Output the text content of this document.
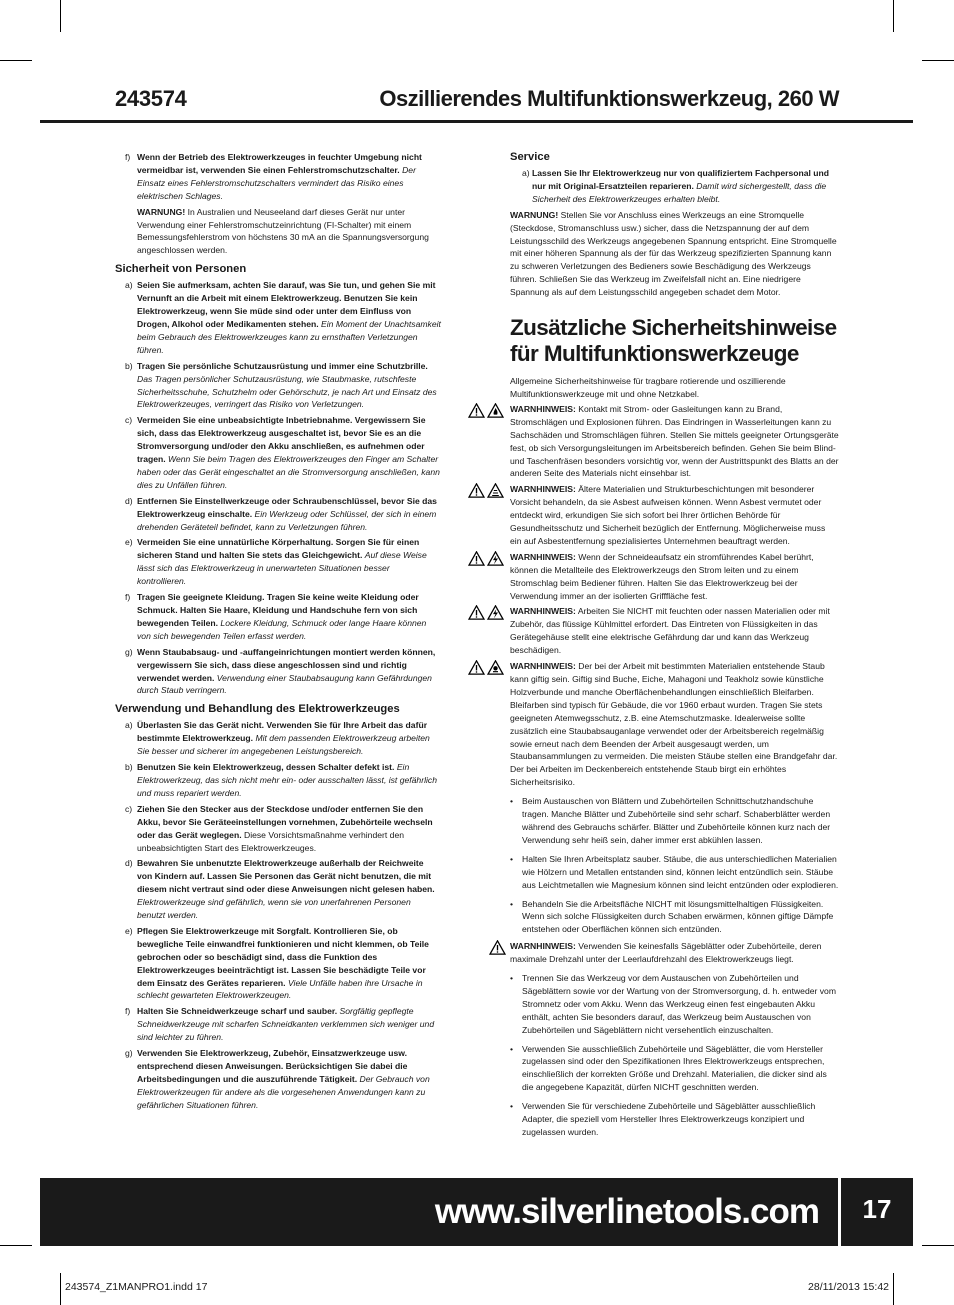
243574	Oszillierendes Multifunktionswerkzeug, 260 W
f) Wenn der Betrieb des Elektrowerkzeuges in feuchter Umgebung nicht vermeidbar ist, verwenden Sie einen Fehlerstromschutzschalter. Der Einsatz eines Fehlerstromschutzschalters vermindert das Risiko eines elektrischen Schlages.
WARNUNG! In Australien und Neuseeland darf dieses Gerät nur unter Verwendung einer Fehlerstromschutzeinrichtung (FI-Schalter) mit einem Bemessungsfehlerstrom von höchstens 30 mA an die Spannungsversorgung angeschlossen werden.
Sicherheit von Personen
a) Seien Sie aufmerksam, achten Sie darauf, was Sie tun, und gehen Sie mit Vernunft an die Arbeit mit einem Elektrowerkzeug. Benutzen Sie kein Elektrowerkzeug, wenn Sie müde sind oder unter dem Einfluss von Drogen, Alkohol oder Medikamenten stehen. Ein Moment der Unachtsamkeit beim Gebrauch des Elektrowerkzeuges kann zu ernsthaften Verletzungen führen.
b) Tragen Sie persönliche Schutzausrüstung und immer eine Schutzbrille. Das Tragen persönlicher Schutzausrüstung, wie Staubmaske, rutschfeste Sicherheitsschuhe, Schutzhelm oder Gehörschutz, je nach Art und Einsatz des Elektrowerkzeuges, verringert das Risiko von Verletzungen.
c) Vermeiden Sie eine unbeabsichtigte Inbetriebnahme. Vergewissern Sie sich, dass das Elektrowerkzeug ausgeschaltet ist, bevor Sie es an die Stromversorgung und/oder den Akku anschließen, es aufnehmen oder tragen. Wenn Sie beim Tragen des Elektrowerkzeuges den Finger am Schalter haben oder das Gerät eingeschaltet an die Stromversorgung anschließen, kann dies zu Unfällen führen.
d) Entfernen Sie Einstellwerkzeuge oder Schraubenschlüssel, bevor Sie das Elektrowerkzeug einschalte. Ein Werkzeug oder Schlüssel, der sich in einem drehenden Geräteteil befindet, kann zu Verletzungen führen.
e) Vermeiden Sie eine unnatürliche Körperhaltung. Sorgen Sie für einen sicheren Stand und halten Sie stets das Gleichgewicht. Auf diese Weise lässt sich das Elektrowerkzeug in unerwarteten Situationen besser kontrollieren.
f) Tragen Sie geeignete Kleidung. Tragen Sie keine weite Kleidung oder Schmuck. Halten Sie Haare, Kleidung und Handschuhe fern von sich bewegenden Teilen. Lockere Kleidung, Schmuck oder lange Haare können von sich bewegenden Teilen erfasst werden.
g) Wenn Staubabsaug- und -auffangeinrichtungen montiert werden können, vergewissern Sie sich, dass diese angeschlossen sind und richtig verwendet werden. Verwendung einer Staubabsaugung kann Gefährdungen durch Staub verringern.
Verwendung und Behandlung des Elektrowerkzeuges
a) Überlasten Sie das Gerät nicht. Verwenden Sie für Ihre Arbeit das dafür bestimmte Elektrowerkzeug. Mit dem passenden Elektrowerkzeug arbeiten Sie besser und sicherer im angegebenen Leistungsbereich.
b) Benutzen Sie kein Elektrowerkzeug, dessen Schalter defekt ist. Ein Elektrowerkzeug, das sich nicht mehr ein- oder ausschalten lässt, ist gefährlich und muss repariert werden.
c) Ziehen Sie den Stecker aus der Steckdose und/oder entfernen Sie den Akku, bevor Sie Geräteeinstellungen vornehmen, Zubehörteile wechseln oder das Gerät weglegen. Diese Vorsichtsmaßnahme verhindert den unbeabsichtigten Start des Elektrowerkzeuges.
d) Bewahren Sie unbenutzte Elektrowerkzeuge außerhalb der Reichweite von Kindern auf. Lassen Sie Personen das Gerät nicht benutzen, die mit diesem nicht vertraut sind oder diese Anweisungen nicht gelesen haben. Elektrowerkzeuge sind gefährlich, wenn sie von unerfahrenen Personen benutzt werden.
e) Pflegen Sie Elektrowerkzeuge mit Sorgfalt. Kontrollieren Sie, ob bewegliche Teile einwandfrei funktionieren und nicht klemmen, ob Teile gebrochen oder so beschädigt sind, dass die Funktion des Elektrowerkzeuges beeinträchtigt ist. Lassen Sie beschädigte Teile vor dem Einsatz des Gerätes reparieren. Viele Unfälle haben ihre Ursache in schlecht gewarteten Elektrowerkzeugen.
f) Halten Sie Schneidwerkzeuge scharf und sauber. Sorgfältig gepflegte Schneidwerkzeuge mit scharfen Schneidkanten verklemmen sich weniger und sind leichter zu führen.
g) Verwenden Sie Elektrowerkzeug, Zubehör, Einsatzwerkzeuge usw. entsprechend diesen Anweisungen. Berücksichtigen Sie dabei die Arbeitsbedingungen und die auszuführende Tätigkeit. Der Gebrauch von Elektrowerkzeugen für andere als die vorgesehenen Anwendungen kann zu gefährlichen Situationen führen.
Service
a) Lassen Sie Ihr Elektrowerkzeug nur von qualifiziertem Fachpersonal und nur mit Original-Ersatzteilen reparieren. Damit wird sichergestellt, dass die Sicherheit des Elektrowerkzeuges erhalten bleibt.
WARNUNG! Stellen Sie vor Anschluss eines Werkzeugs an eine Stromquelle (Steckdose, Stromanschluss usw.) sicher, dass die Netzspannung der auf dem Leistungsschild des Werkzeugs angegebenen Spannung entspricht. Eine Stromquelle mit einer höheren Spannung als der für das Werkzeug spezifizierten Spannung kann zu schweren Verletzungen des Bedieners sowie Beschädigung des Werkzeugs führen. Schließen Sie das Werkzeug im Zweifelsfall nicht an. Eine niedrigere Spannung als auf dem Leistungsschild angegeben schadet dem Motor.
Zusätzliche Sicherheitshinweise
für Multifunktionswerkzeuge
Allgemeine Sicherheitshinweise für tragbare rotierende und oszillierende Multifunktionswerkzeuge mit und ohne Netzkabel.
WARNHINWEIS: Kontakt mit Strom- oder Gasleitungen kann zu Brand, Stromschlägen und Explosionen führen. Das Eindringen in Wasserleitungen kann zu Sachschäden und Stromschlägen führen. Stellen Sie mittels geeigneter Ortungsgeräte fest, ob sich Versorgungsleitungen im Arbeitsbereich befinden. Gehen Sie beim Blind- und Taschenfräsen besonders vorsichtig vor, wenn der Austrittspunkt des Blatts an der anderen Seite des Materials nicht einsehbar ist.
WARNHINWEIS: Ältere Materialien und Strukturbeschichtungen mit besonderer Vorsicht behandeln, da sie Asbest aufweisen können. Wenn Asbest vermutet oder entdeckt wird, erkundigen Sie sich sofort bei Ihrer örtlichen Behörde für Gesundheitsschutz und Sicherheit bezüglich der Entfernung. Möglicherweise muss ein auf Asbestentfernung spezialisiertes Unternehmen beauftragt werden.
WARNHINWEIS: Wenn der Schneideaufsatz ein stromführendes Kabel berührt, können die Metallteile des Elektrowerkzeugs den Strom leiten und zu einem Stromschlag beim Bediener führen. Halten Sie das Elektrowerkzeug bei der Verwendung immer an der isolierten Grifffläche fest.
WARNHINWEIS: Arbeiten Sie NICHT mit feuchten oder nassen Materialien oder mit Zubehör, das flüssige Kühlmittel erfordert. Das Eintreten von Flüssigkeiten in das Gerätegehäuse stellt eine elektrische Gefährdung dar und kann das Werkzeug beschädigen.
WARNHINWEIS: Der bei der Arbeit mit bestimmten Materialien entstehende Staub kann giftig sein. Giftig sind Buche, Eiche, Mahagoni und Teakholz sowie künstliche Holzverbunde und manche Oberflächenbehandlungen einschließlich Bleifarben. Bleifarben sind typisch für Gebäude, die vor 1960 erbaut wurden. Tragen Sie stets geeigneten Atemwegsschutz, z.B. eine Atemschutzmaske. Idealerweise sollte zusätzlich eine Staubabsauganlage verwendet oder der Arbeitsbereich regelmäßig sowie erneut nach dem Beenden der Arbeit ausgesaugt werden, um Staubansammlungen zu vermeiden. Die meisten Stäube stellen eine Brandgefahr dar. Der bei Arbeiten im Deckenbereich entstehende Staub birgt ein erhöhtes Sicherheitsrisiko.
• Beim Austauschen von Blättern und Zubehörteilen Schnittschutzhandschuhe tragen. Manche Blätter und Zubehörteile sind sehr scharf. Schaberblätter werden während des Gebrauchs schärfer. Blätter und Zubehörteile können kurz nach der Verwendung sehr heiß sein, daher immer erst abkühlen lassen.
• Halten Sie Ihren Arbeitsplatz sauber. Stäube, die aus unterschiedlichen Materialien wie Hölzern und Metallen entstanden sind, können leicht entzündlich sein. Stäube aus Leichtmetallen wie Magnesium können sind leicht entzünden oder explodieren.
• Behandeln Sie die Arbeitsfläche NICHT mit lösungsmittelhaltigen Flüssigkeiten. Wenn sich solche Flüssigkeiten durch Schaben erwärmen, können giftige Dämpfe entstehen oder Oberflächen können sich entzünden.
WARNHINWEIS: Verwenden Sie keinesfalls Sägeblätter oder Zubehörteile, deren maximale Drehzahl unter der Leerlaufdrehzahl des Elektrowerkzeugs liegt.
• Trennen Sie das Werkzeug vor dem Austauschen von Zubehörteilen und Sägeblättern sowie vor der Wartung von der Stromversorgung, d. h. entweder vom Stromnetz oder vom Akku. Wenn das Werkzeug einen fest eingebauten Akku enthält, achten Sie besonders darauf, das Werkzeug beim Austauschen von Zubehörteilen und Sägeblättern nicht versehentlich einzuschalten.
• Verwenden Sie ausschließlich Zubehörteile und Sägeblätter, die vom Hersteller zugelassen sind oder den Spezifikationen Ihres Elektrowerkzeugs entsprechen, einschließlich der korrekten Größe und Drehzahl. Materialien, die dicker sind als die angegebene Kapazität, dürfen NICHT geschnitten werden.
• Verwenden Sie für verschiedene Zubehörteile und Sägeblätter ausschließlich Adapter, die speziell vom Hersteller Ihres Elektrowerkzeugs konzipiert und zugelassen wurden.
www.silverlinetools.com	17
243574_Z1MANPRO1.indd 17	28/11/2013 15:42
